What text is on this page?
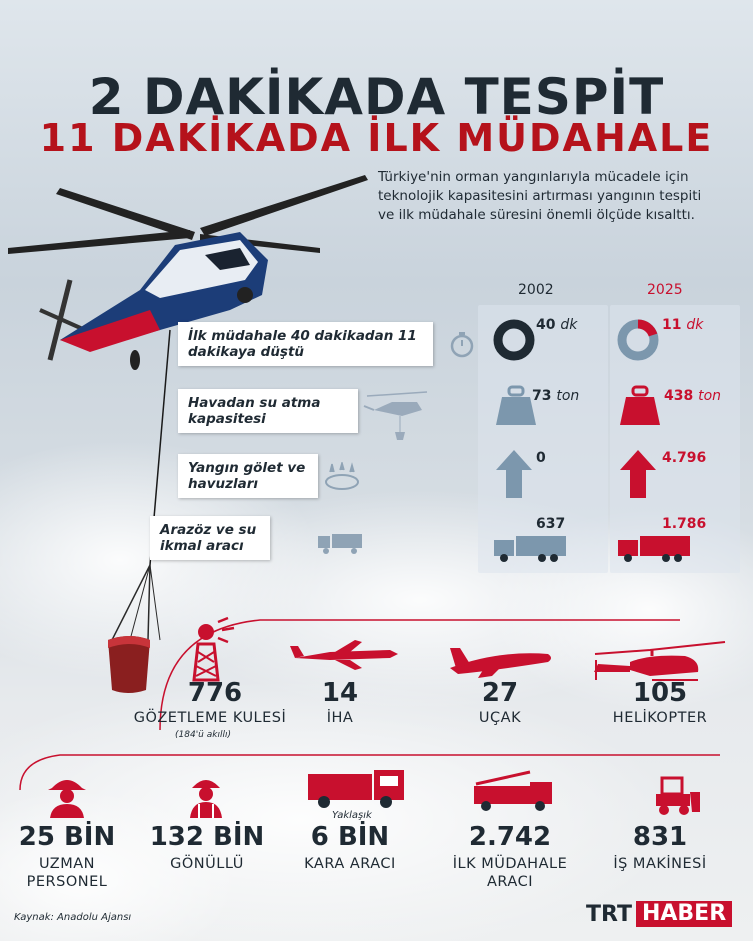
2 DAKİKADA TESPİT
11 DAKİKADA İLK MÜDAHALE
Türkiye'nin orman yangınlarıyla mücadele için teknolojik kapasitesini artırması yangının tespiti ve ilk müdahale süresini önemli ölçüde kısalttı.
2002	2025
İlk müdahale 40 dakikadan 11 dakikaya düştü
Havadan su atma kapasitesi
Yangın gölet ve havuzları
Arazöz ve su ikmal aracı
40 dk
73 ton
0
637
11 dk
438 ton
4.796
1.786
776
GÖZETLEME KULESİ
(184'ü akıllı)
14
İHA
27
UÇAK
105
HELİKOPTER
Yaklaşık
25 BİN
UZMAN
PERSONEL
132 BİN
GÖNÜLLÜ
6 BİN
KARA ARACI
2.742
İLK MÜDAHALE
ARACI
831
İŞ MAKİNESİ
Kaynak: Anadolu Ajansı	TRT HABER
